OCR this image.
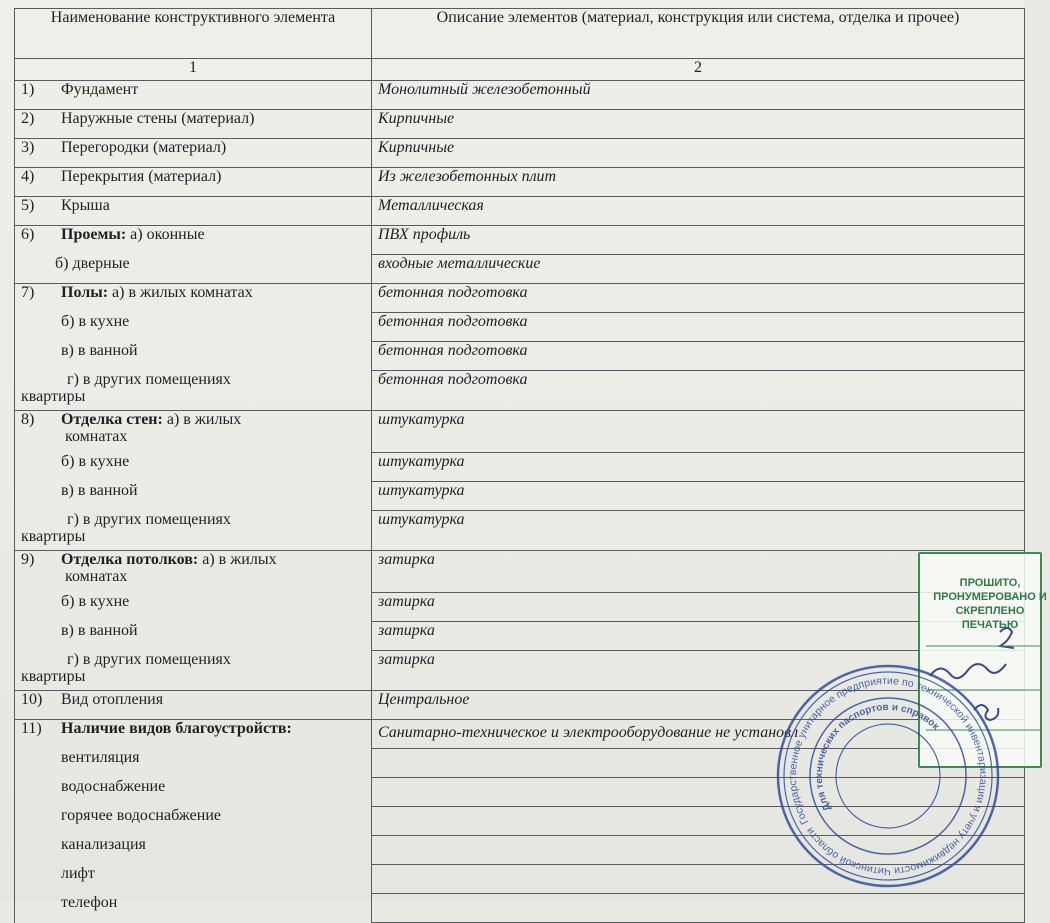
Наименование конструктивного элемента	Описание элементов (материал, конструкция или система, отделка и прочее)
1	2
1) Фундамент	Монолитный железобетонный
2) Наружные стены (материал)	Кирпичные
3) Перегородки (материал)	Кирпичные
4) Перекрытия (материал)	Из железобетонных плит
5) Крыша	Металлическая
6) Проемы: а) оконные	ПВХ профиль
б) дверные	входные металлические
7) Полы: а) в жилых комнатах	бетонная подготовка
б) в кухне	бетонная подготовка
в) в ванной	бетонная подготовка

г) в других помещениях
квартиры	бетонная подготовка
8) Отделка стен: а) в жилых
комнатах	штукатурка
б) в кухне	штукатурка
в) в ванной	штукатурка

г) в других помещениях
квартиры	штукатурка
9) Отделка потолков: а) в жилых
комнатах	затирка
б) в кухне	затирка
в) в ванной	затирка

г) в других помещениях
квартиры	затирка
10) Вид отопления	Центральное
11) Наличие видов благоустройств:	Санитарно-техническое и электрооборудование не установл
вентиляция	
водоснабжение	
горячее водоснабжение	
канализация	
лифт	
телефон	
ПРОШИТО, ПРОНУМЕРОВАНО И СКРЕПЛЕНО ПЕЧАТЬЮ
Государственное унитарное предприятие по технической инвентаризации и учету недвижимости Читинской области
Для технических паспортов и справок
